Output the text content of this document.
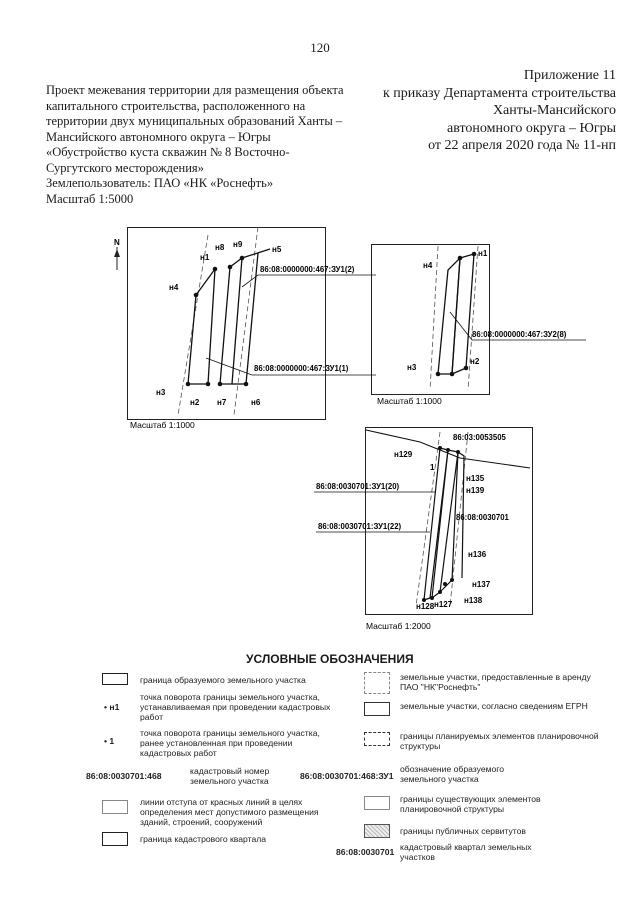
120
Проект межевания территории для размещения объекта
капитального строительства, расположенного на
территории двух муниципальных образований Ханты –
Мансийского автономного округа – Югры
«Обустройство куста скважин № 8 Восточно-
Сургутского месторождения»
Землепользователь: ПАО «НК «Роснефть»
Масштаб 1:5000
Приложение 11
к приказу Департамента строительства
Ханты-Мансийского
автономного округа – Югры
от 22 апреля 2020 года № 11-нп
N
н1
н2
н3
н4
н5
н6
н7
н8 н9
86:08:0000000:467:ЗУ1(2)
86:08:0000000:467:ЗУ1(1)
Масштаб 1:1000
н1
н2
н3
н4
86:08:0000000:467:ЗУ2(8)
Масштаб 1:1000
н127
н128
н129
н135
н136
н137
н138
н139
1
86:03:0053505
86:08:0030701:ЗУ1(20)
86:08:0030701:ЗУ1(22)
86:08:0030701
Масштаб 1:2000
УСЛОВНЫЕ ОБОЗНАЧЕНИЯ
граница образуемого земельного участка
• н1
точка поворота границы земельного участка, устанавливаемая при проведении кадастровых работ
• 1
точка поворота границы земельного участка, ранее установленная при проведении кадастровых работ
86:08:0030701:468	кадастровый номер земельного участка
линии отступа от красных линий в целях определения мест допустимого размещения зданий, строений, сооружений
граница кадастрового квартала
земельные участки, предоставленные в аренду ПАО "НК"Роснефть"
земельные участки, согласно сведениям ЕГРН
границы планируемых элементов планировочной структуры
86:08:0030701:468:ЗУ1
обозначение образуемого земельного участка
границы существующих элементов планировочной структуры
границы публичных сервитутов
86:08:0030701 кадастровый квартал земельных участков
